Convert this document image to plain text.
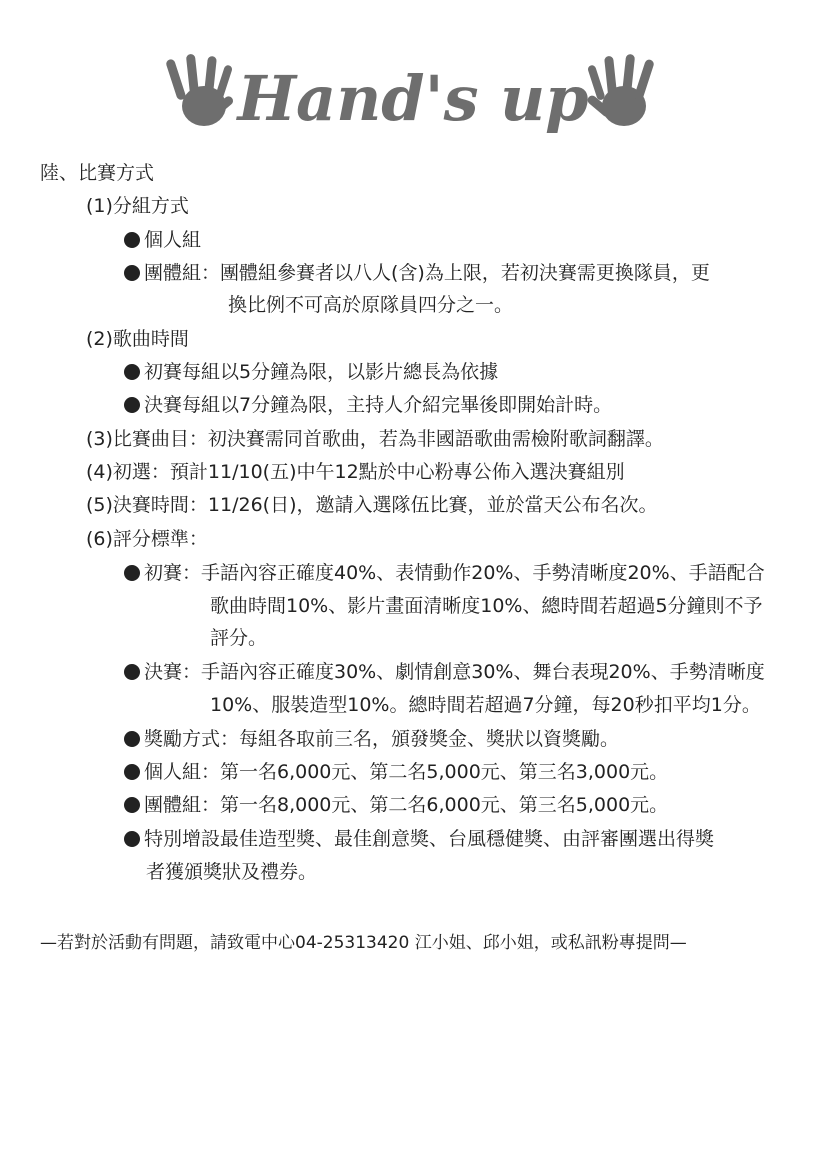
Hand's up
陸、比賽方式
(1)分組方式
個人組
團體組：團體組參賽者以八人(含)為上限，若初決賽需更換隊員，更
換比例不可高於原隊員四分之一。
(2)歌曲時間
初賽每組以5分鐘為限，以影片總長為依據
決賽每組以7分鐘為限，主持人介紹完畢後即開始計時。
(3)比賽曲目：初決賽需同首歌曲，若為非國語歌曲需檢附歌詞翻譯。
(4)初選：預計11/10(五)中午12點於中心粉專公佈入選決賽組別
(5)決賽時間：11/26(日)，邀請入選隊伍比賽，並於當天公布名次。
(6)評分標準：
初賽：手語內容正確度40%、表情動作20%、手勢清晰度20%、手語配合
歌曲時間10%、影片畫面清晰度10%、總時間若超過5分鐘則不予
評分。
決賽：手語內容正確度30%、劇情創意30%、舞台表現20%、手勢清晰度
10%、服裝造型10%。總時間若超過7分鐘，每20秒扣平均1分。
獎勵方式：每組各取前三名，頒發獎金、獎狀以資獎勵。
個人組：第一名6,000元、第二名5,000元、第三名3,000元。
團體組：第一名8,000元、第二名6,000元、第三名5,000元。
特別增設最佳造型獎、最佳創意獎、台風穩健獎、由評審團選出得獎
者獲頒獎狀及禮券。
—若對於活動有問題，請致電中心04-25313420 江小姐、邱小姐，或私訊粉專提問—
